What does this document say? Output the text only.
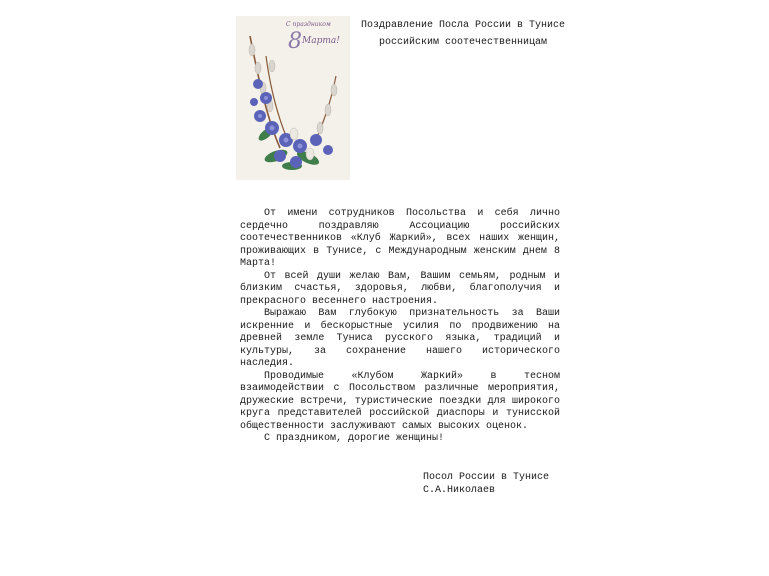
С праздником
8 Марта!
Поздравление Посла России в Тунисе
российским соотечественницам

От имени сотрудников Посольства и себя лично сердечно поздравляю Ассоциацию российских соотечественников «Клуб Жаркий», всех наших женщин, проживающих в Тунисе, с Международным женским днем 8 Марта!

От всей души желаю Вам, Вашим семьям, родным и близким счастья, здоровья, любви, благополучия и прекрасного весеннего настроения.

Выражаю Вам глубокую признательность за Ваши искренние и бескорыстные усилия по продвижению на древней земле Туниса русского языка, традиций и культуры, за сохранение нашего исторического наследия.

Проводимые «Клубом Жаркий» в тесном взаимодействии с Посольством различные мероприятия, дружеские встречи, туристические поездки для широкого круга представителей российской диаспоры и тунисской общественности заслуживают самых высоких оценок.

С праздником, дорогие женщины!

Посол России в Тунисе
С.А.Николаев
